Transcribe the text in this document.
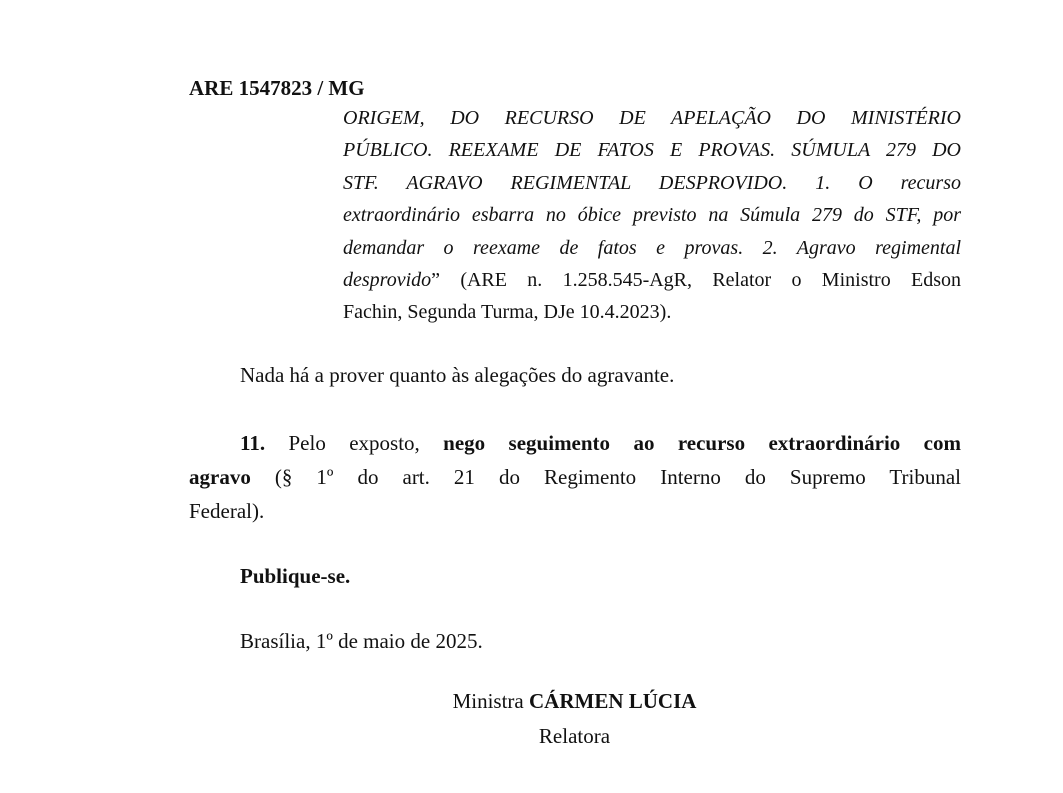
ARE 1547823 / MG
ORIGEM, DO RECURSO DE APELAÇÃO DO MINISTÉRIO
PÚBLICO. REEXAME DE FATOS E PROVAS. SÚMULA 279 DO
STF. AGRAVO REGIMENTAL DESPROVIDO. 1. O recurso
extraordinário esbarra no óbice previsto na Súmula 279 do STF, por
demandar o reexame de fatos e provas. 2. Agravo regimental
desprovido” (ARE n. 1.258.545-AgR, Relator o Ministro Edson
Fachin, Segunda Turma, DJe 10.4.2023).
Nada há a prover quanto às alegações do agravante.
11. Pelo exposto, nego seguimento ao recurso extraordinário com
agravo (§ 1º do art. 21 do Regimento Interno do Supremo Tribunal
Federal).
Publique-se.
Brasília, 1º de maio de 2025.
Ministra CÁRMEN LÚCIA
Relatora
